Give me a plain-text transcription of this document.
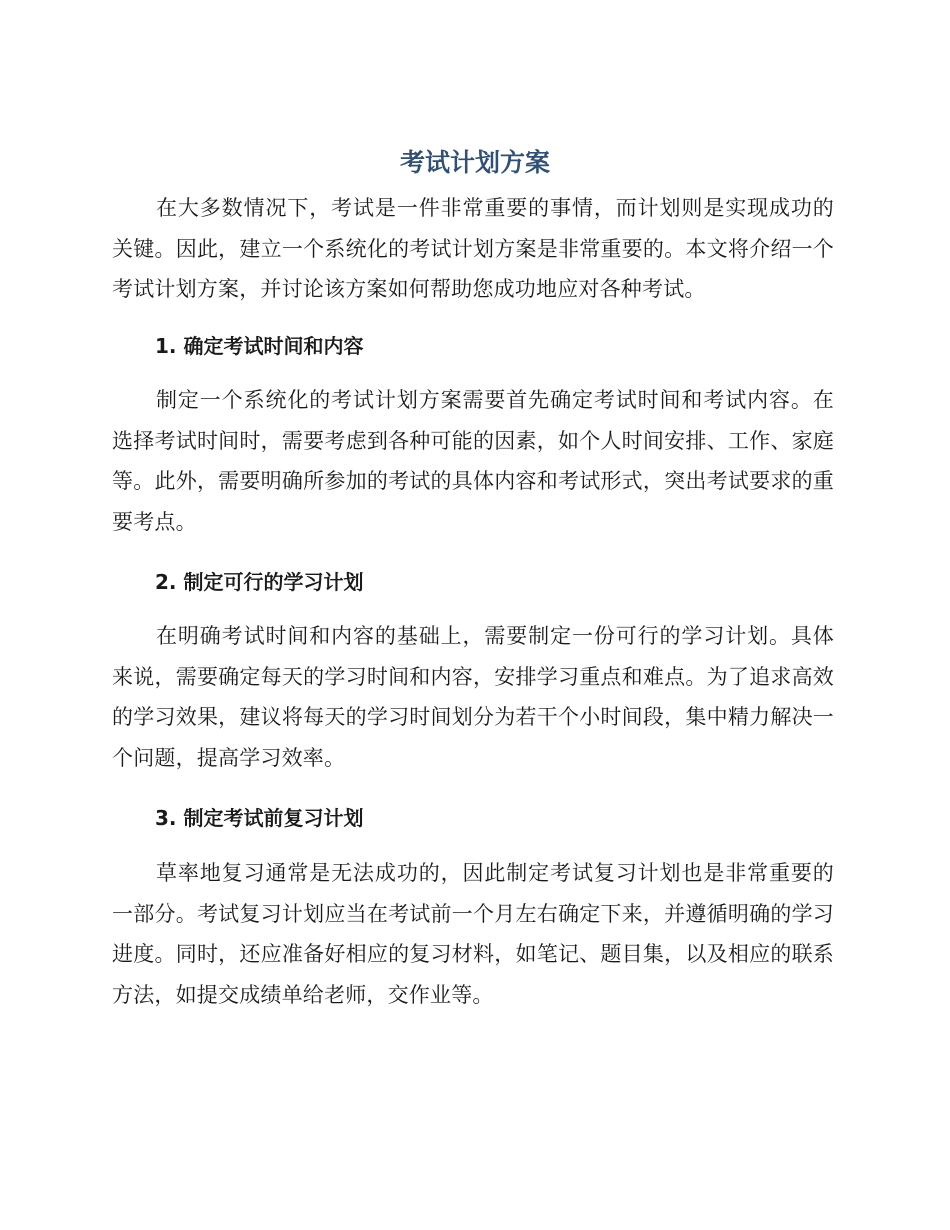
考试计划方案

在大多数情况下，考试是一件非常重要的事情，而计划则是实现成功的关键。因此，建立一个系统化的考试计划方案是非常重要的。本文将介绍一个考试计划方案，并讨论该方案如何帮助您成功地应对各种考试。

1. 确定考试时间和内容

制定一个系统化的考试计划方案需要首先确定考试时间和考试内容。在选择考试时间时，需要考虑到各种可能的因素，如个人时间安排、工作、家庭等。此外，需要明确所参加的考试的具体内容和考试形式，突出考试要求的重要考点。

2. 制定可行的学习计划

在明确考试时间和内容的基础上，需要制定一份可行的学习计划。具体来说，需要确定每天的学习时间和内容，安排学习重点和难点。为了追求高效的学习效果，建议将每天的学习时间划分为若干个小时间段，集中精力解决一个问题，提高学习效率。

3. 制定考试前复习计划

草率地复习通常是无法成功的，因此制定考试复习计划也是非常重要的一部分。考试复习计划应当在考试前一个月左右确定下来，并遵循明确的学习进度。同时，还应准备好相应的复习材料，如笔记、题目集，以及相应的联系方法，如提交成绩单给老师，交作业等。
